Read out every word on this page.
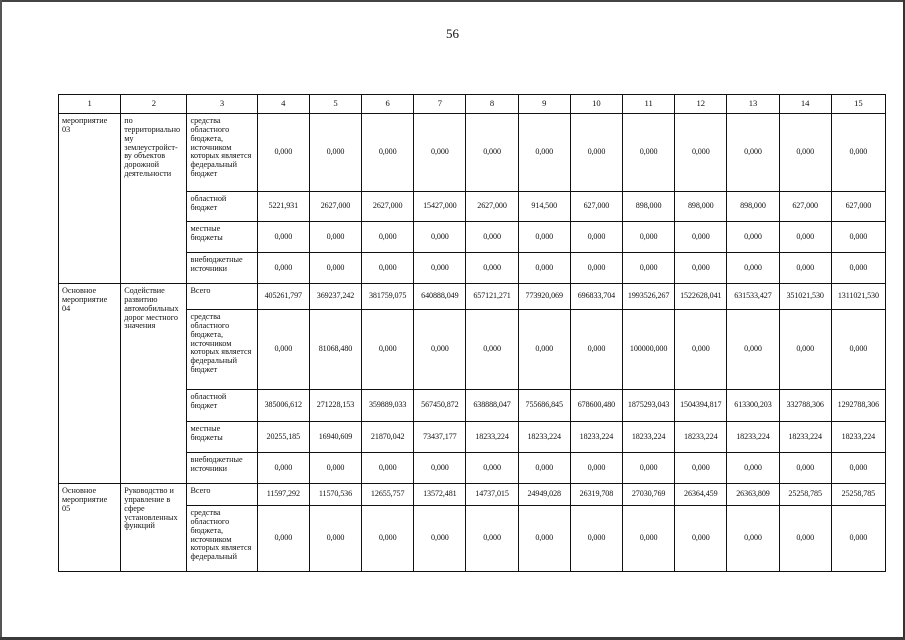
56
1	2	3	4	5	6	7	8	9	10	11	12	13	14	15
мероприятие 03	по территориально му землеустройст- ву объектов дорожной деятельности	средства областного бюджета, источником которых является федеральный бюджет	0,000	0,000	0,000	0,000	0,000	0,000	0,000	0,000	0,000	0,000	0,000	0,000
		областной бюджет	5221,931	2627,000	2627,000	15427,000	2627,000	914,500	627,000	898,000	898,000	898,000	627,000	627,000
		местные бюджеты	0,000	0,000	0,000	0,000	0,000	0,000	0,000	0,000	0,000	0,000	0,000	0,000
		внебюджетные источники	0,000	0,000	0,000	0,000	0,000	0,000	0,000	0,000	0,000	0,000	0,000	0,000
Основное мероприятие 04	Содействие развитию автомобильных дорог местного значения	Всего	405261,797	369237,242	381759,075	640888,049	657121,271	773920,069	696833,704	1993526,267	1522628,041	631533,427	351021,530	1311021,530
		средства областного бюджета, источником которых является федеральный бюджет	0,000	81068,480	0,000	0,000	0,000	0,000	0,000	100000,000	0,000	0,000	0,000	0,000
		областной бюджет	385006,612	271228,153	359889,033	567450,872	638888,047	755686,845	678600,480	1875293,043	1504394,817	613300,203	332788,306	1292788,306
		местные бюджеты	20255,185	16940,609	21870,042	73437,177	18233,224	18233,224	18233,224	18233,224	18233,224	18233,224	18233,224	18233,224
		внебюджетные источники	0,000	0,000	0,000	0,000	0,000	0,000	0,000	0,000	0,000	0,000	0,000	0,000
Основное мероприятие 05	Руководство и управление в сфере установленных функций	Всего	11597,292	11570,536	12655,757	13572,481	14737,015	24949,028	26319,708	27030,769	26364,459	26363,809	25258,785	25258,785
		средства областного бюджета, источником которых является федеральный	0,000	0,000	0,000	0,000	0,000	0,000	0,000	0,000	0,000	0,000	0,000	0,000
